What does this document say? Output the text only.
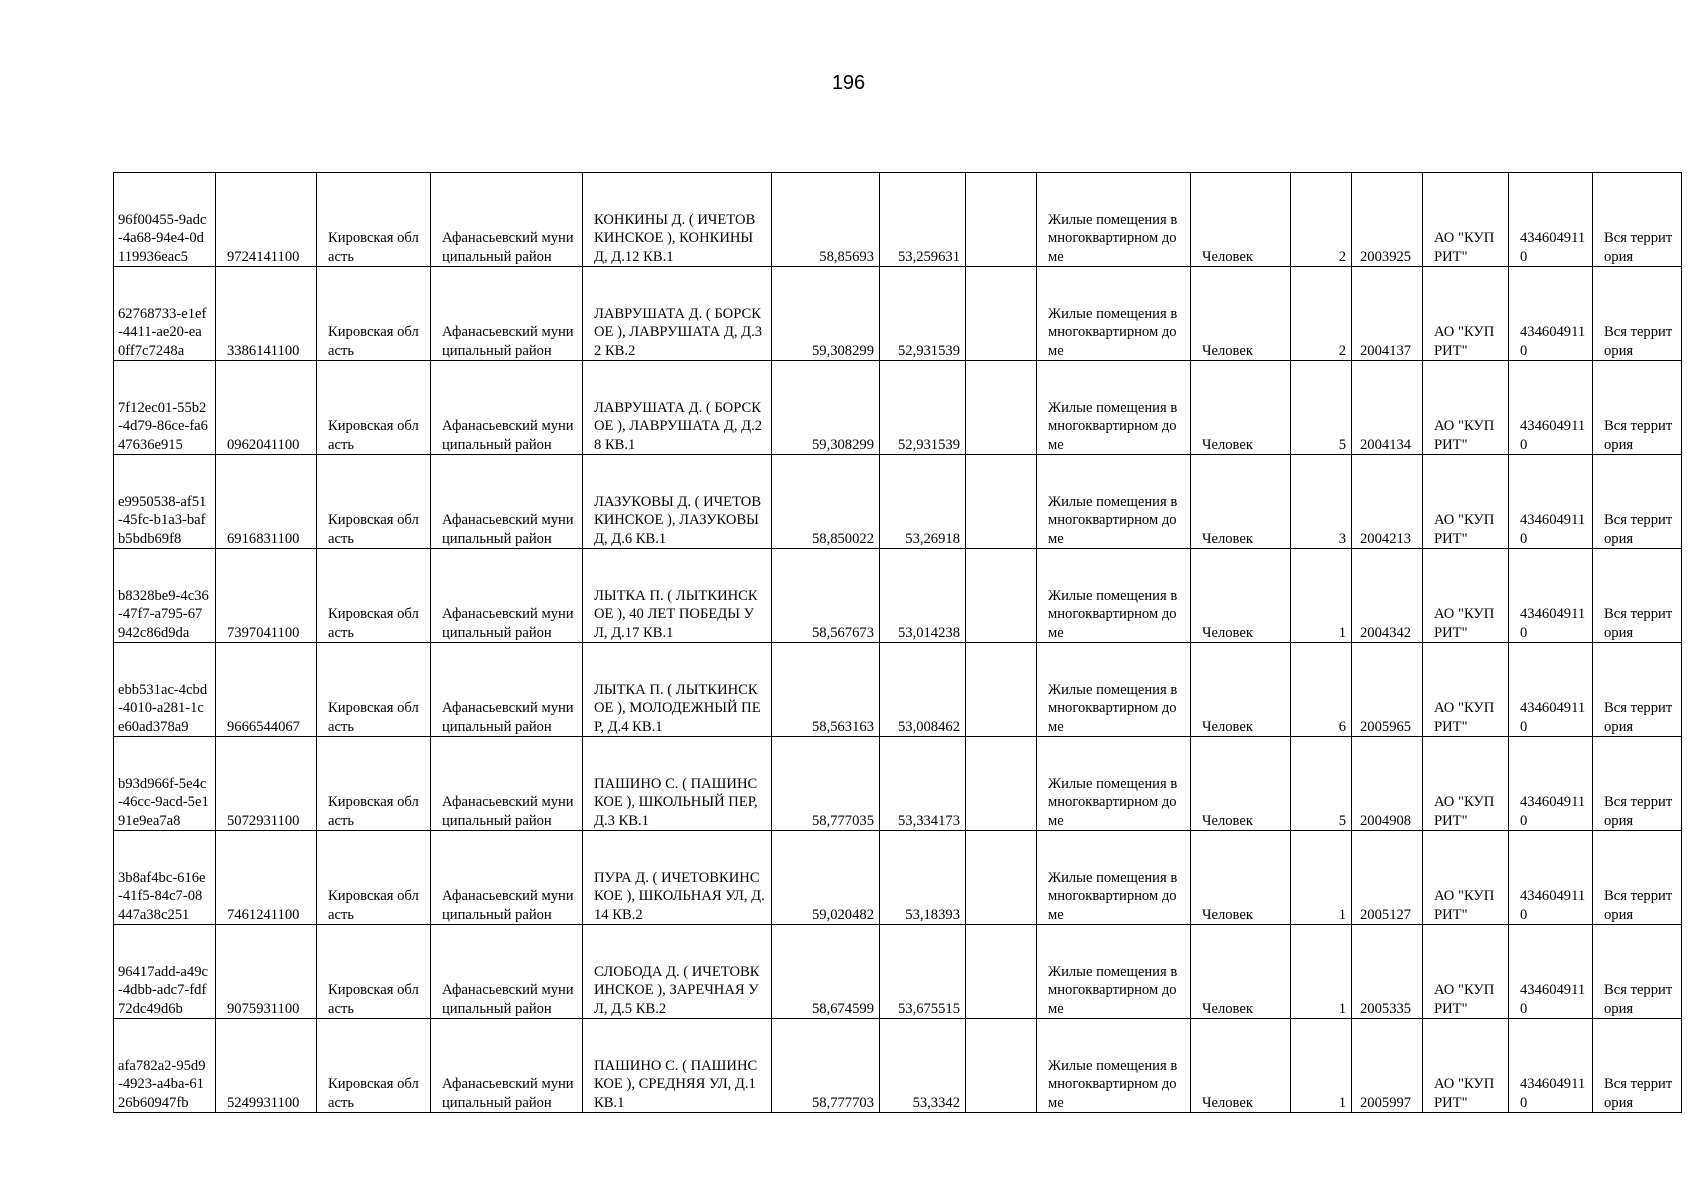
196
96f00455-9adc-4a68-94e4-0d119936eac5	9724141100	Кировская область	Афанасьевский муниципальный район	КОНКИНЫ Д. ( ИЧЕТОВКИНСКОЕ ), КОНКИНЫ Д, Д.12 КВ.1	58,85693	53,259631		Жилые помещения в многоквартирном доме	Человек	2	2003925	АО "КУПРИТ"	4346049110	Вся территория
62768733-e1ef-4411-ae20-ea0ff7c7248a	3386141100	Кировская область	Афанасьевский муниципальный район	ЛАВРУШАТА Д. ( БОРСКОЕ ), ЛАВРУШАТА Д, Д.32 КВ.2	59,308299	52,931539		Жилые помещения в многоквартирном доме	Человек	2	2004137	АО "КУПРИТ"	4346049110	Вся территория
7f12ec01-55b2-4d79-86ce-fa647636e915	0962041100	Кировская область	Афанасьевский муниципальный район	ЛАВРУШАТА Д. ( БОРСКОЕ ), ЛАВРУШАТА Д, Д.28 КВ.1	59,308299	52,931539		Жилые помещения в многоквартирном доме	Человек	5	2004134	АО "КУПРИТ"	4346049110	Вся территория
e9950538-af51-45fc-b1a3-bafb5bdb69f8	6916831100	Кировская область	Афанасьевский муниципальный район	ЛАЗУКОВЫ Д. ( ИЧЕТОВКИНСКОЕ ), ЛАЗУКОВЫ Д, Д.6 КВ.1	58,850022	53,26918		Жилые помещения в многоквартирном доме	Человек	3	2004213	АО "КУПРИТ"	4346049110	Вся территория
b8328be9-4c36-47f7-a795-67942c86d9da	7397041100	Кировская область	Афанасьевский муниципальный район	ЛЫТКА П. ( ЛЫТКИНСКОЕ ), 40 ЛЕТ ПОБЕДЫ УЛ, Д.17 КВ.1	58,567673	53,014238		Жилые помещения в многоквартирном доме	Человек	1	2004342	АО "КУПРИТ"	4346049110	Вся территория
ebb531ac-4cbd-4010-a281-1ce60ad378a9	9666544067	Кировская область	Афанасьевский муниципальный район	ЛЫТКА П. ( ЛЫТКИНСКОЕ ), МОЛОДЕЖНЫЙ ПЕР, Д.4 КВ.1	58,563163	53,008462		Жилые помещения в многоквартирном доме	Человек	6	2005965	АО "КУПРИТ"	4346049110	Вся территория
b93d966f-5e4c-46cc-9acd-5e191e9ea7a8	5072931100	Кировская область	Афанасьевский муниципальный район	ПАШИНО С. ( ПАШИНСКОЕ ), ШКОЛЬНЫЙ ПЕР, Д.3 КВ.1	58,777035	53,334173		Жилые помещения в многоквартирном доме	Человек	5	2004908	АО "КУПРИТ"	4346049110	Вся территория
3b8af4bc-616e-41f5-84c7-08447a38c251	7461241100	Кировская область	Афанасьевский муниципальный район	ПУРА Д. ( ИЧЕТОВКИНСКОЕ ), ШКОЛЬНАЯ УЛ, Д.14 КВ.2	59,020482	53,18393		Жилые помещения в многоквартирном доме	Человек	1	2005127	АО "КУПРИТ"	4346049110	Вся территория
96417add-a49c-4dbb-adc7-fdf72dc49d6b	9075931100	Кировская область	Афанасьевский муниципальный район	СЛОБОДА Д. ( ИЧЕТОВКИНСКОЕ ), ЗАРЕЧНАЯ УЛ, Д.5 КВ.2	58,674599	53,675515		Жилые помещения в многоквартирном доме	Человек	1	2005335	АО "КУПРИТ"	4346049110	Вся территория
afa782a2-95d9-4923-a4ba-6126b60947fb	5249931100	Кировская область	Афанасьевский муниципальный район	ПАШИНО С. ( ПАШИНСКОЕ ), СРЕДНЯЯ УЛ, Д.1 КВ.1	58,777703	53,3342		Жилые помещения в многоквартирном доме	Человек	1	2005997	АО "КУПРИТ"	4346049110	Вся территория
